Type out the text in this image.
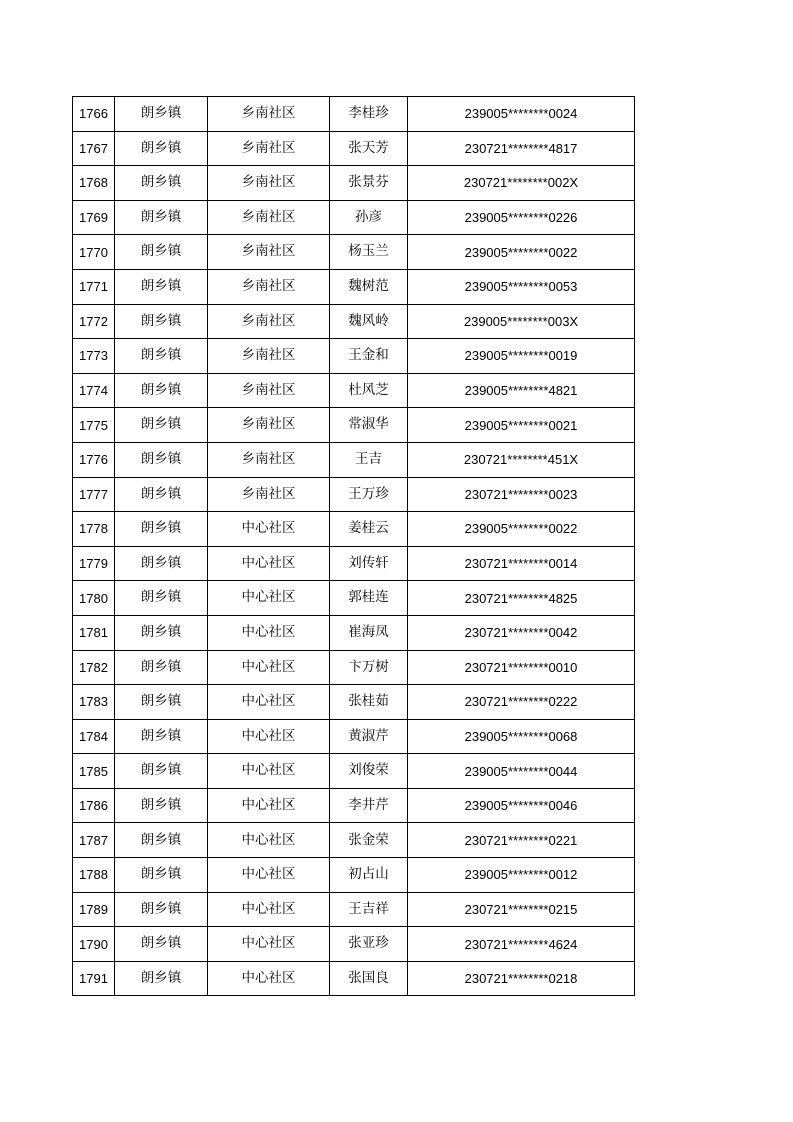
1766	朗乡镇	乡南社区	李桂珍	239005********0024
1767	朗乡镇	乡南社区	张天芳	230721********4817
1768	朗乡镇	乡南社区	张景芬	230721********002X
1769	朗乡镇	乡南社区	孙彦	239005********0226
1770	朗乡镇	乡南社区	杨玉兰	239005********0022
1771	朗乡镇	乡南社区	魏树范	239005********0053
1772	朗乡镇	乡南社区	魏风岭	239005********003X
1773	朗乡镇	乡南社区	王金和	239005********0019
1774	朗乡镇	乡南社区	杜风芝	239005********4821
1775	朗乡镇	乡南社区	常淑华	239005********0021
1776	朗乡镇	乡南社区	王吉	230721********451X
1777	朗乡镇	乡南社区	王万珍	230721********0023
1778	朗乡镇	中心社区	姜桂云	239005********0022
1779	朗乡镇	中心社区	刘传轩	230721********0014
1780	朗乡镇	中心社区	郭桂连	230721********4825
1781	朗乡镇	中心社区	崔海凤	230721********0042
1782	朗乡镇	中心社区	卞万树	230721********0010
1783	朗乡镇	中心社区	张桂茹	230721********0222
1784	朗乡镇	中心社区	黄淑芹	239005********0068
1785	朗乡镇	中心社区	刘俊荣	239005********0044
1786	朗乡镇	中心社区	李井芹	239005********0046
1787	朗乡镇	中心社区	张金荣	230721********0221
1788	朗乡镇	中心社区	初占山	239005********0012
1789	朗乡镇	中心社区	王吉祥	230721********0215
1790	朗乡镇	中心社区	张亚珍	230721********4624
1791	朗乡镇	中心社区	张国良	230721********0218
